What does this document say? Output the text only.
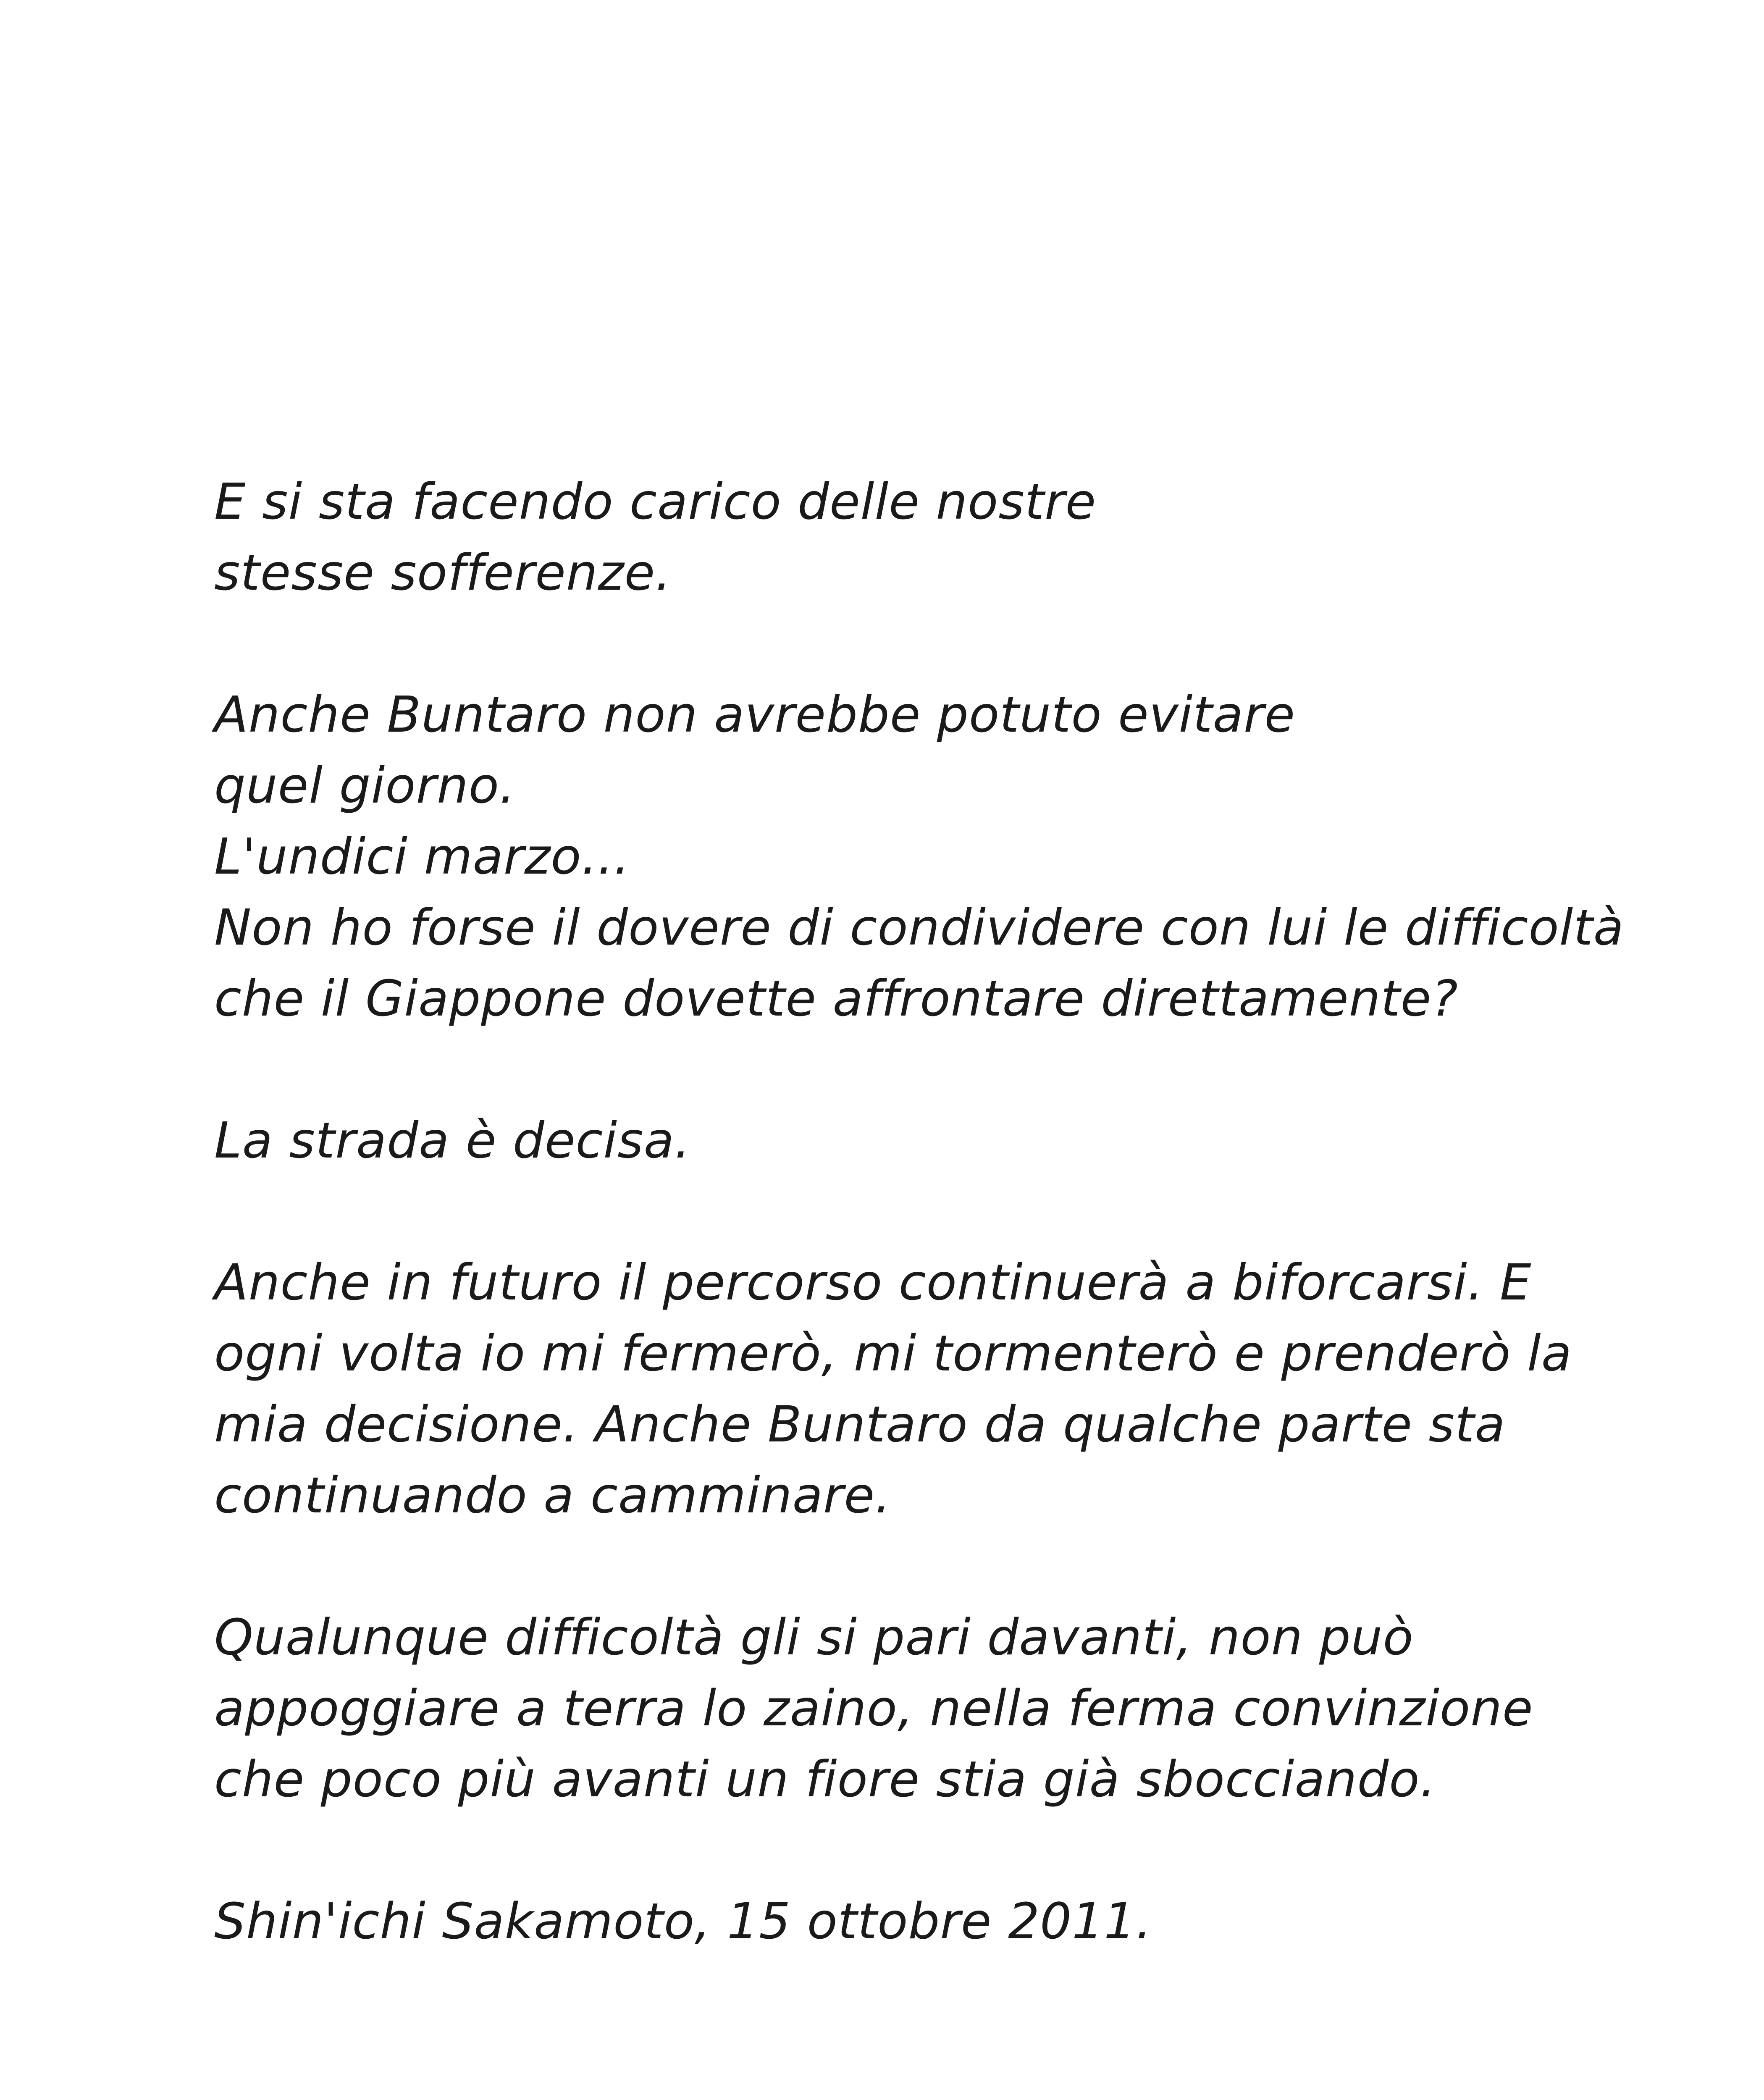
E si sta facendo carico delle nostre
stesse sofferenze.
Anche Buntaro non avrebbe potuto evitare
quel giorno.
L'undici marzo...
Non ho forse il dovere di condividere con lui le difficoltà
che il Giappone dovette affrontare direttamente?
La strada è decisa.
Anche in futuro il percorso continuerà a biforcarsi. E
ogni volta io mi fermerò, mi tormenterò e prenderò la
mia decisione. Anche Buntaro da qualche parte sta
continuando a camminare.
Qualunque difficoltà gli si pari davanti, non può
appoggiare a terra lo zaino, nella ferma convinzione
che poco più avanti un fiore stia già sbocciando.
Shin'ichi Sakamoto, 15 ottobre 2011.
